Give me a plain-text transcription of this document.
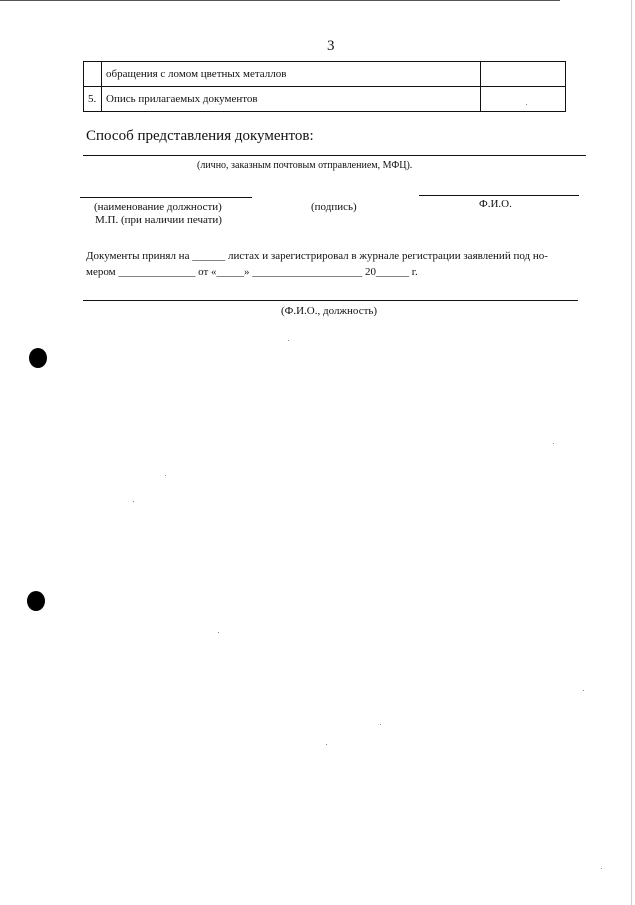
3
	обращения с ломом цветных металлов	
5.	Опись прилагаемых документов	
Способ представления документов:
(лично, заказным почтовым отправлением, МФЦ).
(наименование должности)
М.П. (при наличии печати)
(подпись)	Ф.И.О.
Документы принял на ______ листах и зарегистрировал в журнале регистрации заявлений под но-
мером ______________ от «_____» ____________________ 20______ г.
(Ф.И.О., должность)
